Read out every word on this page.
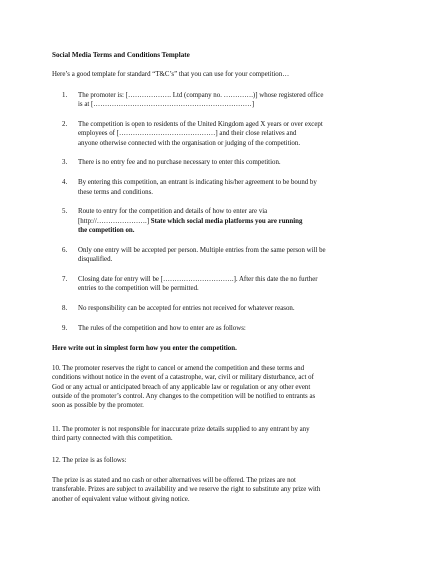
Social Media Terms and Conditions Template
Here’s a good template for standard “T&C’s” that you can use for your competition…
1. The promoter is: [………………. Ltd (company no. ………….)] whose registered office
is at [……………………………………………………………]
2. The competition is open to residents of the United Kingdom aged X years or over except
employees of [……………………………………] and their close relatives and
anyone otherwise connected with the organisation or judging of the competition.
3. There is no entry fee and no purchase necessary to enter this competition.
4. By entering this competition, an entrant is indicating his/her agreement to be bound by
these terms and conditions.
5. Route to entry for the competition and details of how to enter are via
[http://………………….] State which social media platforms you are running
the competition on.
6. Only one entry will be accepted per person. Multiple entries from the same person will be
disqualified.
7. Closing date for entry will be [………………………….]. After this date the no further
entries to the competition will be permitted.
8. No responsibility can be accepted for entries not received for whatever reason.
9. The rules of the competition and how to enter are as follows:
Here write out in simplest form how you enter the competition.
10. The promoter reserves the right to cancel or amend the competition and these terms and
conditions without notice in the event of a catastrophe, war, civil or military disturbance, act of
God or any actual or anticipated breach of any applicable law or regulation or any other event
outside of the promoter’s control. Any changes to the competition will be notified to entrants as
soon as possible by the promoter.
11. The promoter is not responsible for inaccurate prize details supplied to any entrant by any
third party connected with this competition.
12. The prize is as follows:
The prize is as stated and no cash or other alternatives will be offered. The prizes are not
transferable. Prizes are subject to availability and we reserve the right to substitute any prize with
another of equivalent value without giving notice.
